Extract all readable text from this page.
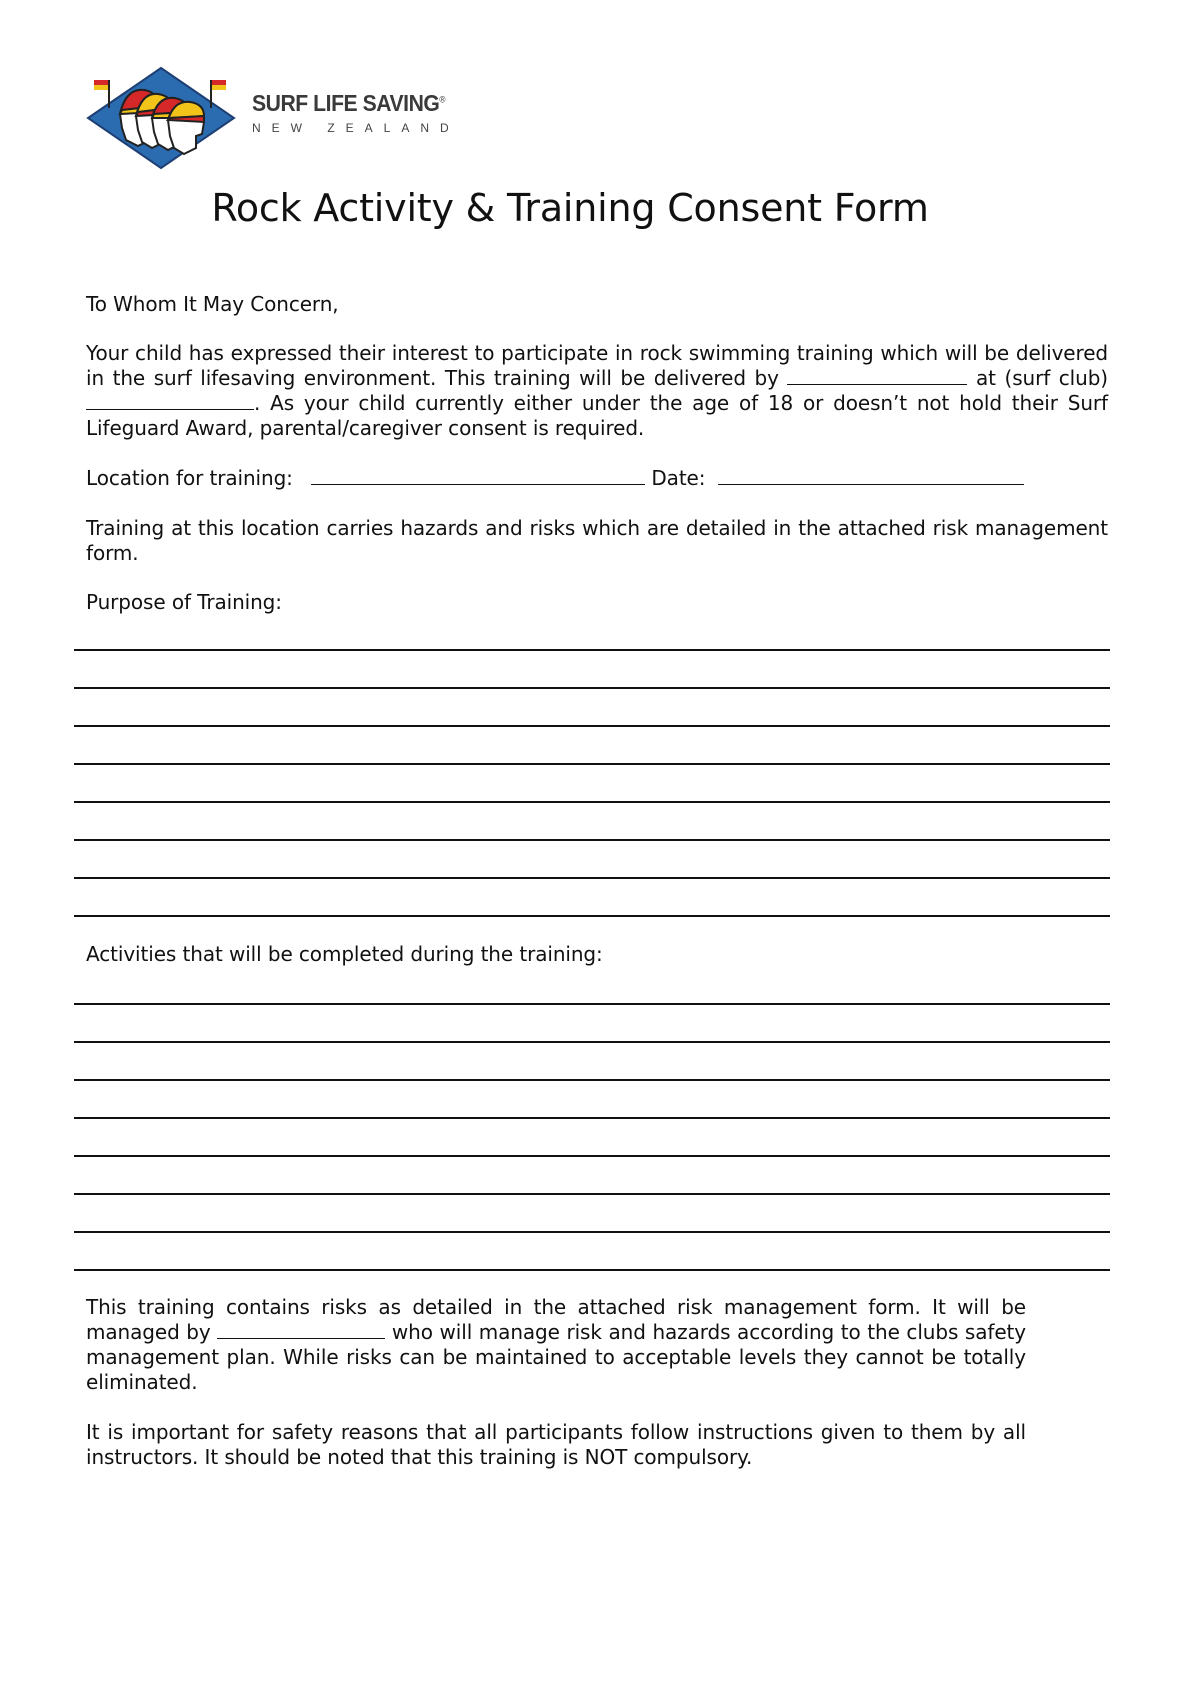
SURF LIFE SAVING®
NEW ZEALAND
Rock Activity & Training Consent Form
To Whom It May Concern,
Your child has expressed their interest to participate in rock swimming training which will be delivered in the surf lifesaving environment. This training will be delivered by	at (surf club) . As your child currently either under the age of 18 or doesn’t not hold their Surf Lifeguard Award, parental/caregiver consent is required.
Location for training:	Date:
Training at this location carries hazards and risks which are detailed in the attached risk management form.
Purpose of Training:
Activities that will be completed during the training:
This training contains risks as detailed in the attached risk management form. It will be managed by	who will manage risk and hazards according to the clubs safety management plan. While risks can be maintained to acceptable levels they cannot be totally eliminated.
It is important for safety reasons that all participants follow instructions given to them by all instructors. It should be noted that this training is NOT compulsory.
